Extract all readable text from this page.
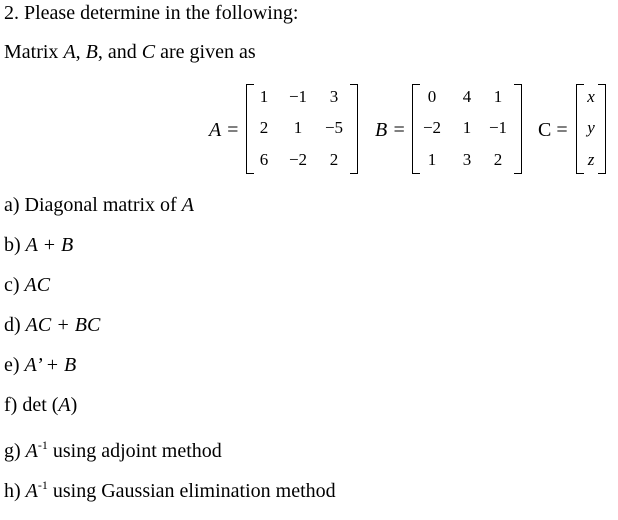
2. Please determine in the following:
Matrix A, B, and C are given as
A =
1	−1	3
2	1	−5
6	−2	2
B =
0	4	1
−2	1	−1
1	3	2
C =
x
y
z
a) Diagonal matrix of A
b) A + B
c) AC
d) AC + BC
e) A’ + B
f) det (A)
g) $A^{-1}$ using adjoint method
h) $A^{-1}$ using Gaussian elimination method
